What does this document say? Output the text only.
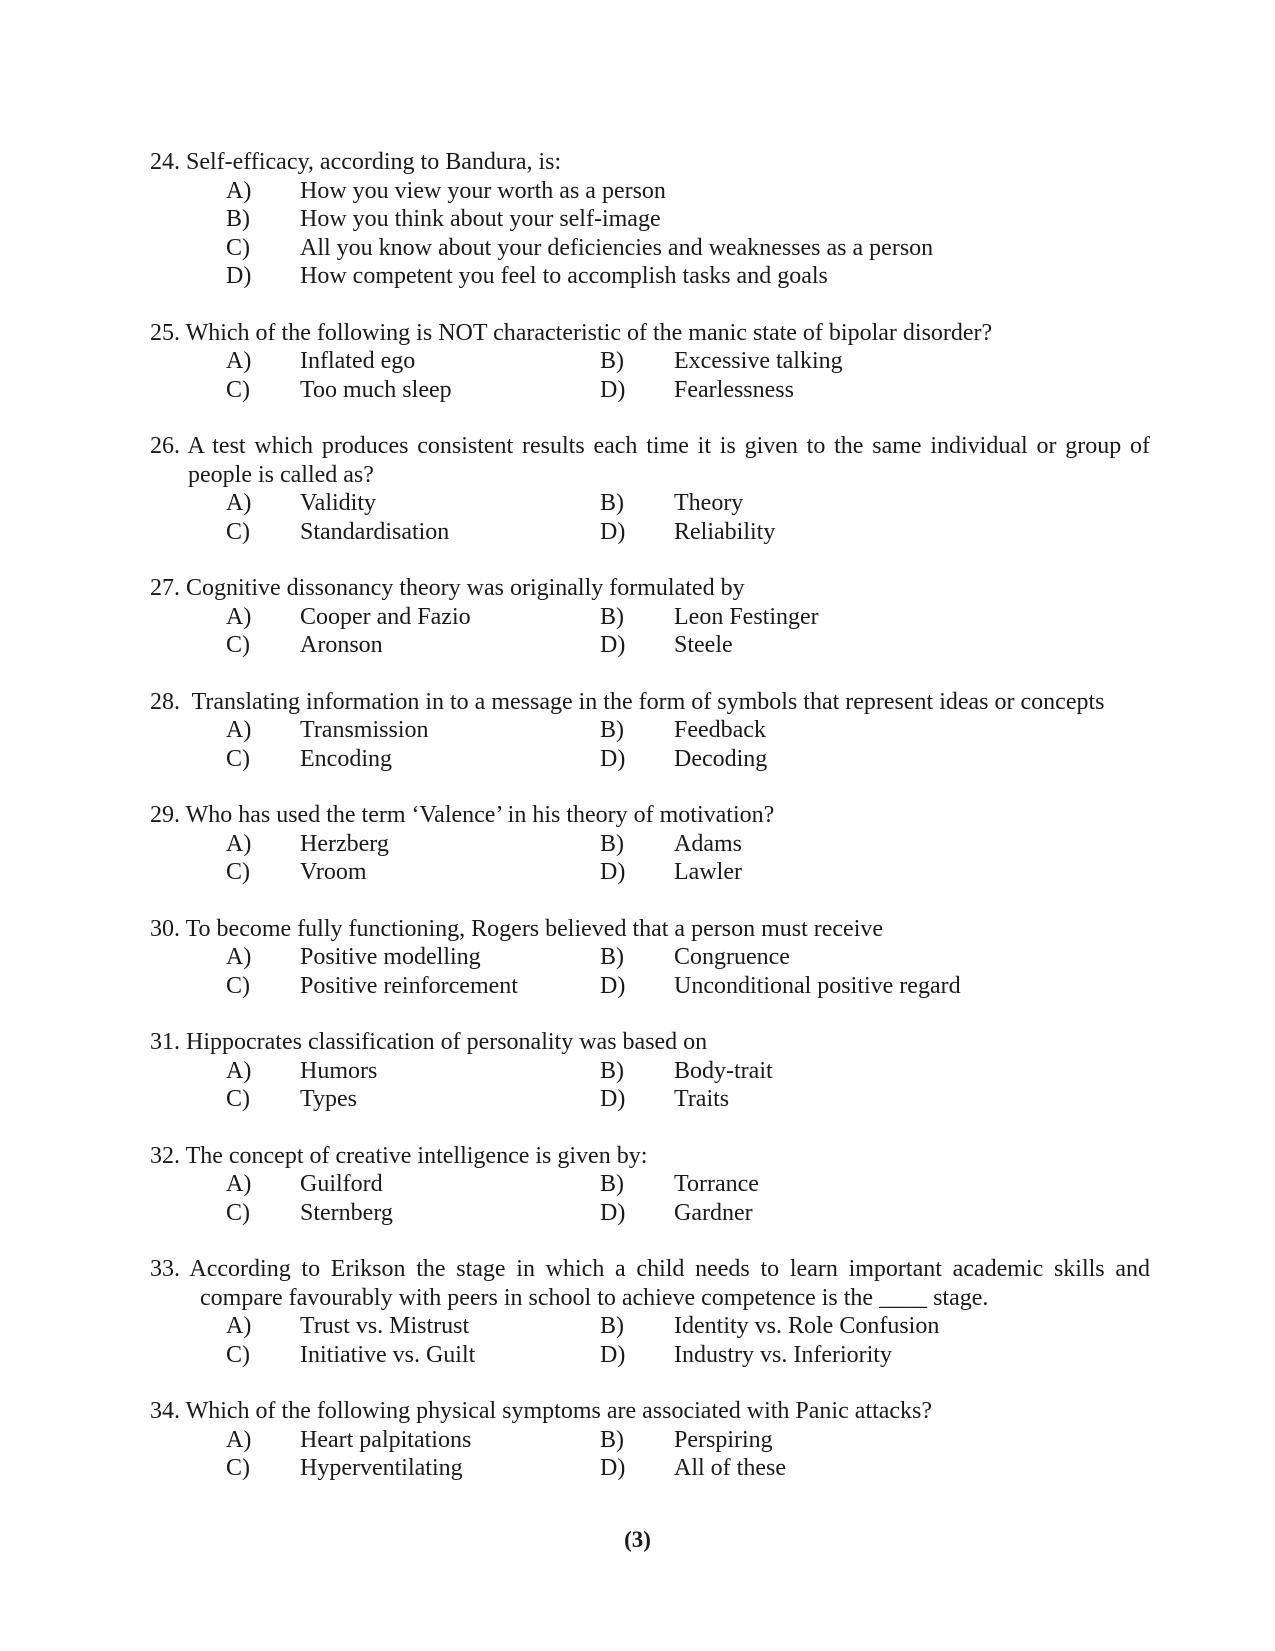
24. Self-efficacy, according to Bandura, is:
A)	How you view your worth as a person
B)	How you think about your self-image
C)	All you know about your deficiencies and weaknesses as a person
D)	How competent you feel to accomplish tasks and goals
25. Which of the following is NOT characteristic of the manic state of bipolar disorder?
A)	Inflated ego	B)	Excessive talking
C)	Too much sleep	D)	Fearlessness
26. A test which produces consistent results each time it is given to the same individual or group of people is called as?
A)	Validity	B)	Theory
C)	Standardisation	D)	Reliability
27. Cognitive dissonancy theory was originally formulated by
A)	Cooper and Fazio	B)	Leon Festinger
C)	Aronson	D)	Steele
28.  Translating information in to a message in the form of symbols that represent ideas or concepts
A)	Transmission	B)	Feedback
C)	Encoding	D)	Decoding
29. Who has used the term ‘Valence’ in his theory of motivation?
A)	Herzberg	B)	Adams
C)	Vroom	D)	Lawler
30. To become fully functioning, Rogers believed that a person must receive
A)	Positive modelling	B)	Congruence
C)	Positive reinforcement	D)	Unconditional positive regard
31. Hippocrates classification of personality was based on
A)	Humors	B)	Body-trait
C)	Types	D)	Traits
32. The concept of creative intelligence is given by:
A)	Guilford	B)	Torrance
C)	Sternberg	D)	Gardner
33. According to Erikson the stage in which a child needs to learn important academic skills and compare favourably with peers in school to achieve competence is the ____ stage.
A)	Trust vs. Mistrust	B)	Identity vs. Role Confusion
C)	Initiative vs. Guilt	D)	Industry vs. Inferiority
34. Which of the following physical symptoms are associated with Panic attacks?
A)	Heart palpitations	B)	Perspiring
C)	Hyperventilating	D)	All of these
(3)
